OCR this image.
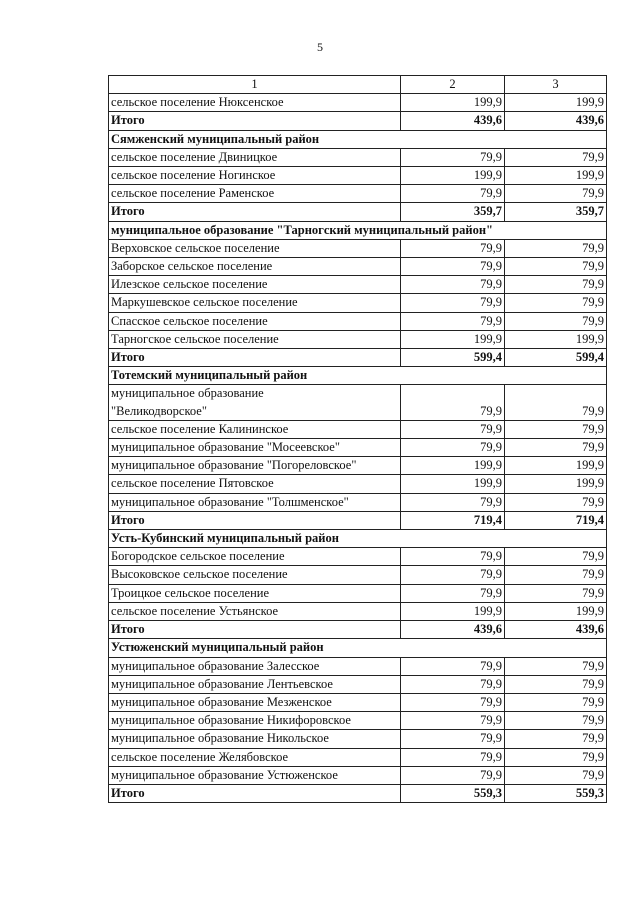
5
1	2	3
сельское поселение Нюксенское	199,9	199,9
Итого	439,6	439,6
Сямженский муниципальный район		
сельское поселение Двиницкое	79,9	79,9
сельское поселение Ногинское	199,9	199,9
сельское поселение Раменское	79,9	79,9
Итого	359,7	359,7
муниципальное образование "Тарногский муниципальный район"		
Верховское сельское поселение	79,9	79,9
Заборское сельское поселение	79,9	79,9
Илезское сельское поселение	79,9	79,9
Маркушевское сельское поселение	79,9	79,9
Спасское сельское поселение	79,9	79,9
Тарногское сельское поселение	199,9	199,9
Итого	599,4	599,4
Тотемский муниципальный район		

муниципальное образование
"Великодворское"	79,9	79,9
сельское поселение Калининское	79,9	79,9
муниципальное образование "Мосеевское"	79,9	79,9
муниципальное образование "Погореловское"	199,9	199,9
сельское поселение Пятовское	199,9	199,9
муниципальное образование "Толшменское"	79,9	79,9
Итого	719,4	719,4
Усть-Кубинский муниципальный район		
Богородское сельское поселение	79,9	79,9
Высоковское сельское поселение	79,9	79,9
Троицкое сельское поселение	79,9	79,9
сельское поселение Устьянское	199,9	199,9
Итого	439,6	439,6
Устюженский муниципальный район		
муниципальное образование Залесское	79,9	79,9
муниципальное образование Лентьевское	79,9	79,9
муниципальное образование Мезженское	79,9	79,9
муниципальное образование Никифоровское	79,9	79,9
муниципальное образование Никольское	79,9	79,9
сельское поселение Желябовское	79,9	79,9
муниципальное образование Устюженское	79,9	79,9
Итого	559,3	559,3
